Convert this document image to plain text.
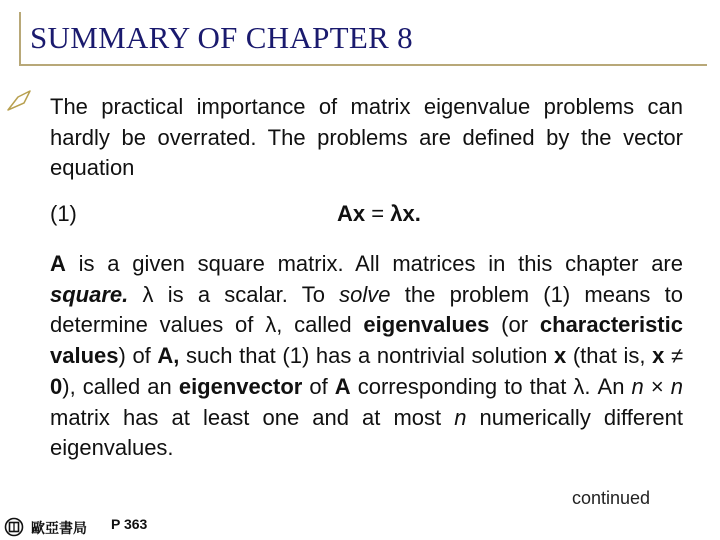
SUMMARY OF CHAPTER 8

The practical importance of matrix eigenvalue problems can hardly be overrated. The problems are defined by the vector equation

(1)	Ax = λx.

A is a given square matrix. All matrices in this chapter are square. λ is a scalar. To solve the problem (1) means to determine values of λ, called eigenvalues (or characteristic values) of A, such that (1) has a nontrivial solution x (that is, x ≠ 0), called an eigenvector of A corresponding to that λ. An n × n matrix has at least one and at most n numerically different eigenvalues.

continued
歐亞書局 P 363
